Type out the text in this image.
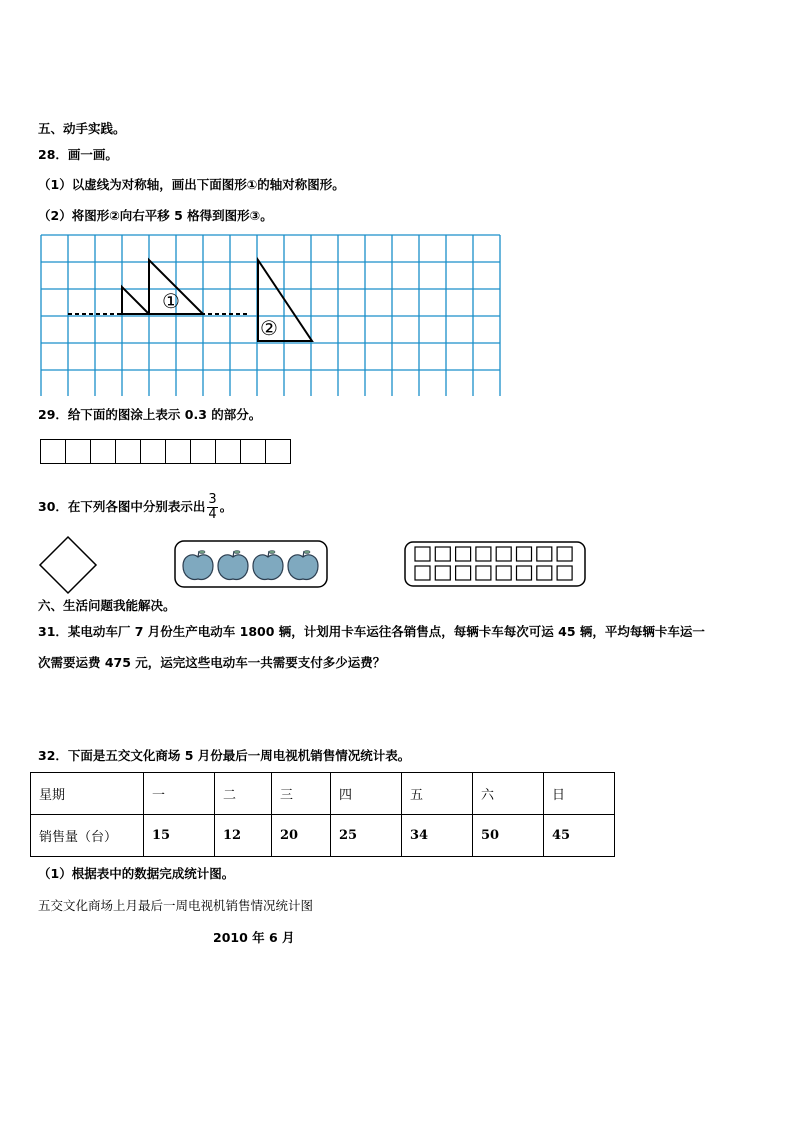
五、动手实践。
28．画一画。
（1）以虚线为对称轴，画出下面图形①的轴对称图形。
（2）将图形②向右平移 5 格得到图形③。
①
②
29．给下面的图涂上表示 0.3 的部分。
30．在下列各图中分别表示出 $\frac{3}{4}$ 。
六、生活问题我能解决。
31．某电动车厂 7 月份生产电动车 1800 辆，计划用卡车运往各销售点，每辆卡车每次可运 45 辆，平均每辆卡车运一
次需要运费 475 元，运完这些电动车一共需要支付多少运费？
32．下面是五交文化商场 5 月份最后一周电视机销售情况统计表。
星期	一	二	三	四	五	六	日
销售量（台）	15	12	20	25	34	50	45
（1）根据表中的数据完成统计图。
五交文化商场上月最后一周电视机销售情况统计图
2010 年 6 月
